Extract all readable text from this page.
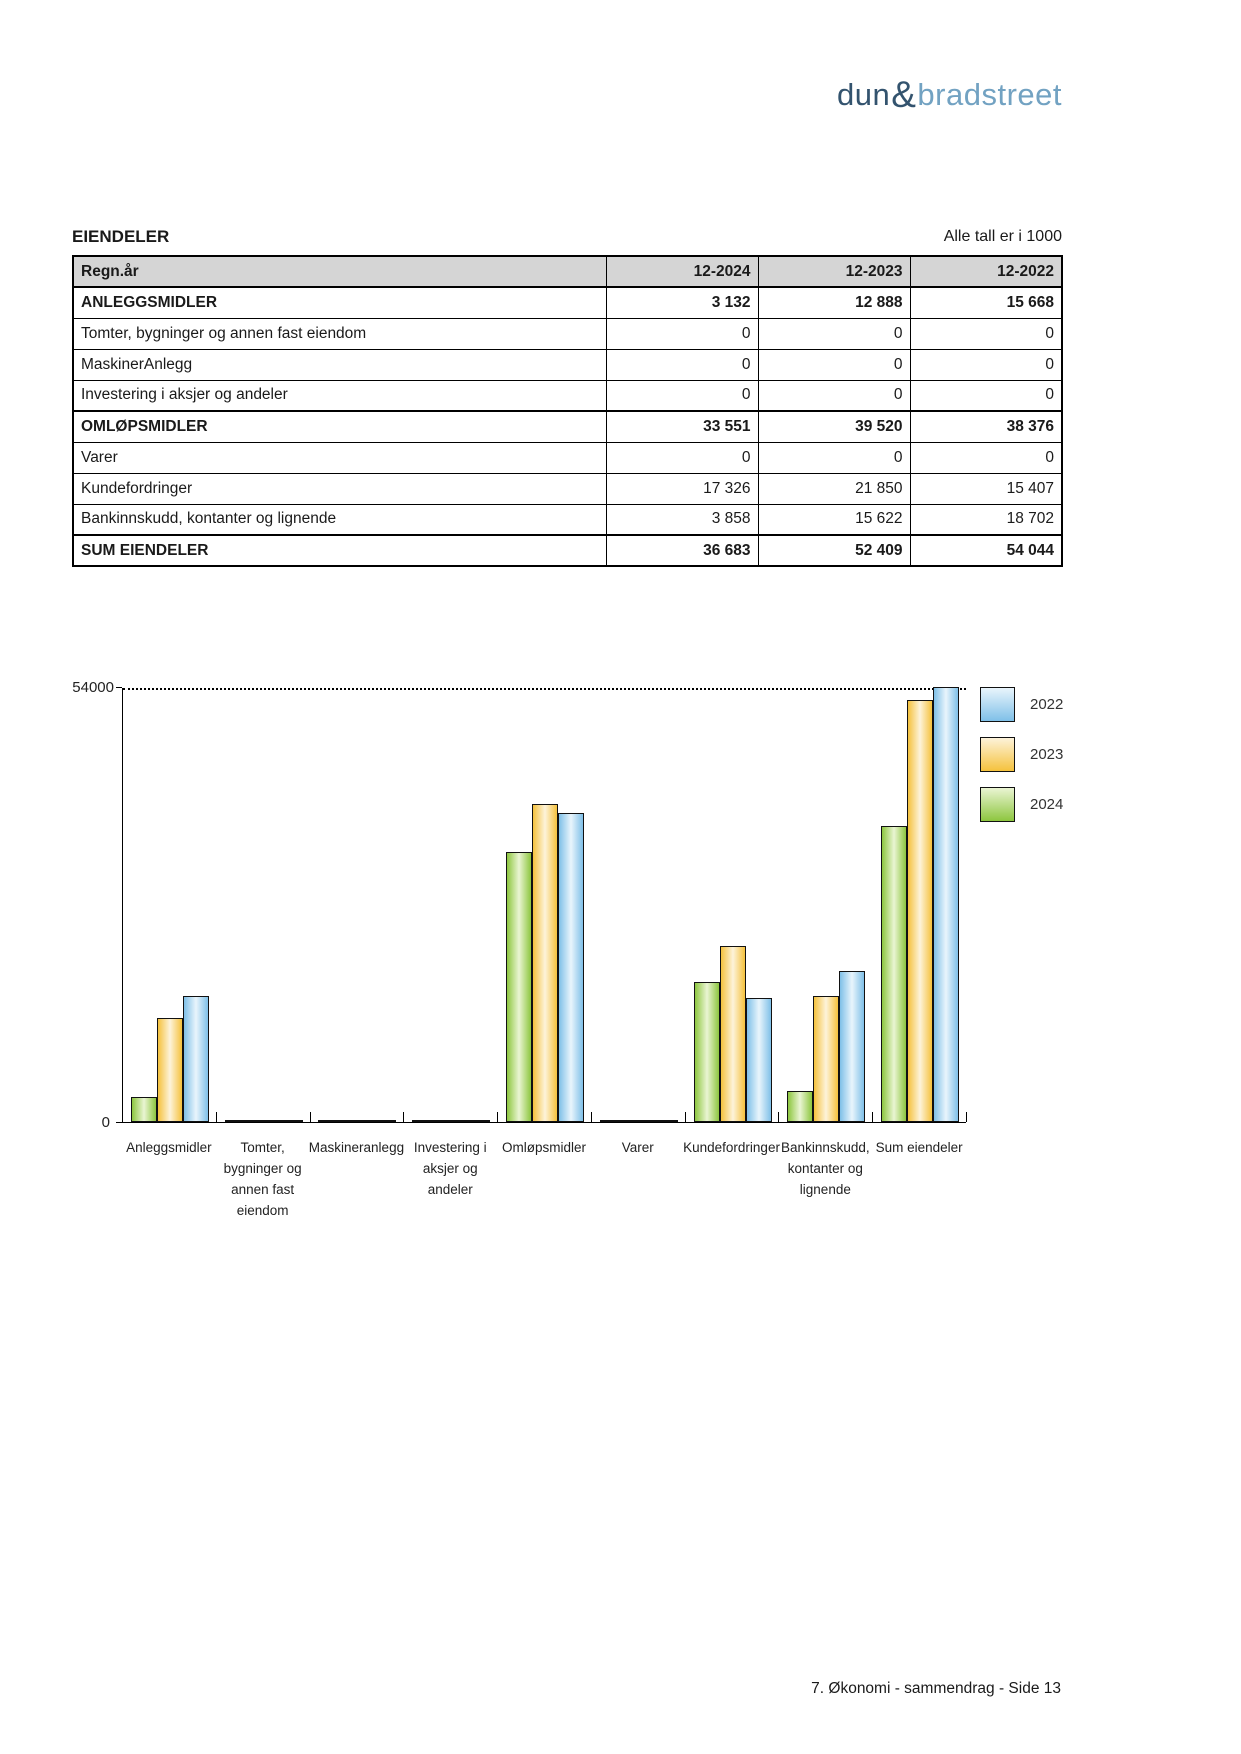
dun&bradstreet
EIENDELER	Alle tall er i 1000
Regn.år	12-2024	12-2023	12-2022
ANLEGGSMIDLER	3 132	12 888	15 668
Tomter, bygninger og annen fast eiendom	0	0	0
MaskinerAnlegg	0	0	0
Investering i aksjer og andeler	0	0	0
OMLØPSMIDLER	33 551	39 520	38 376
Varer	0	0	0
Kundefordringer	17 326	21 850	15 407
Bankinnskudd, kontanter og lignende	3 858	15 622	18 702
SUM EIENDELER	36 683	52 409	54 044
54000
0
Anleggsmidler	Tomter,
bygninger og
annen fast
eiendom
Maskineranlegg Investering i
aksjer og
andeler
Omløpsmidler	Varer Kundefordringer Bankinnskudd,
kontanter og
lignende
Sum eiendeler
2022
2023
2024
7. Økonomi - sammendrag - Side 13
